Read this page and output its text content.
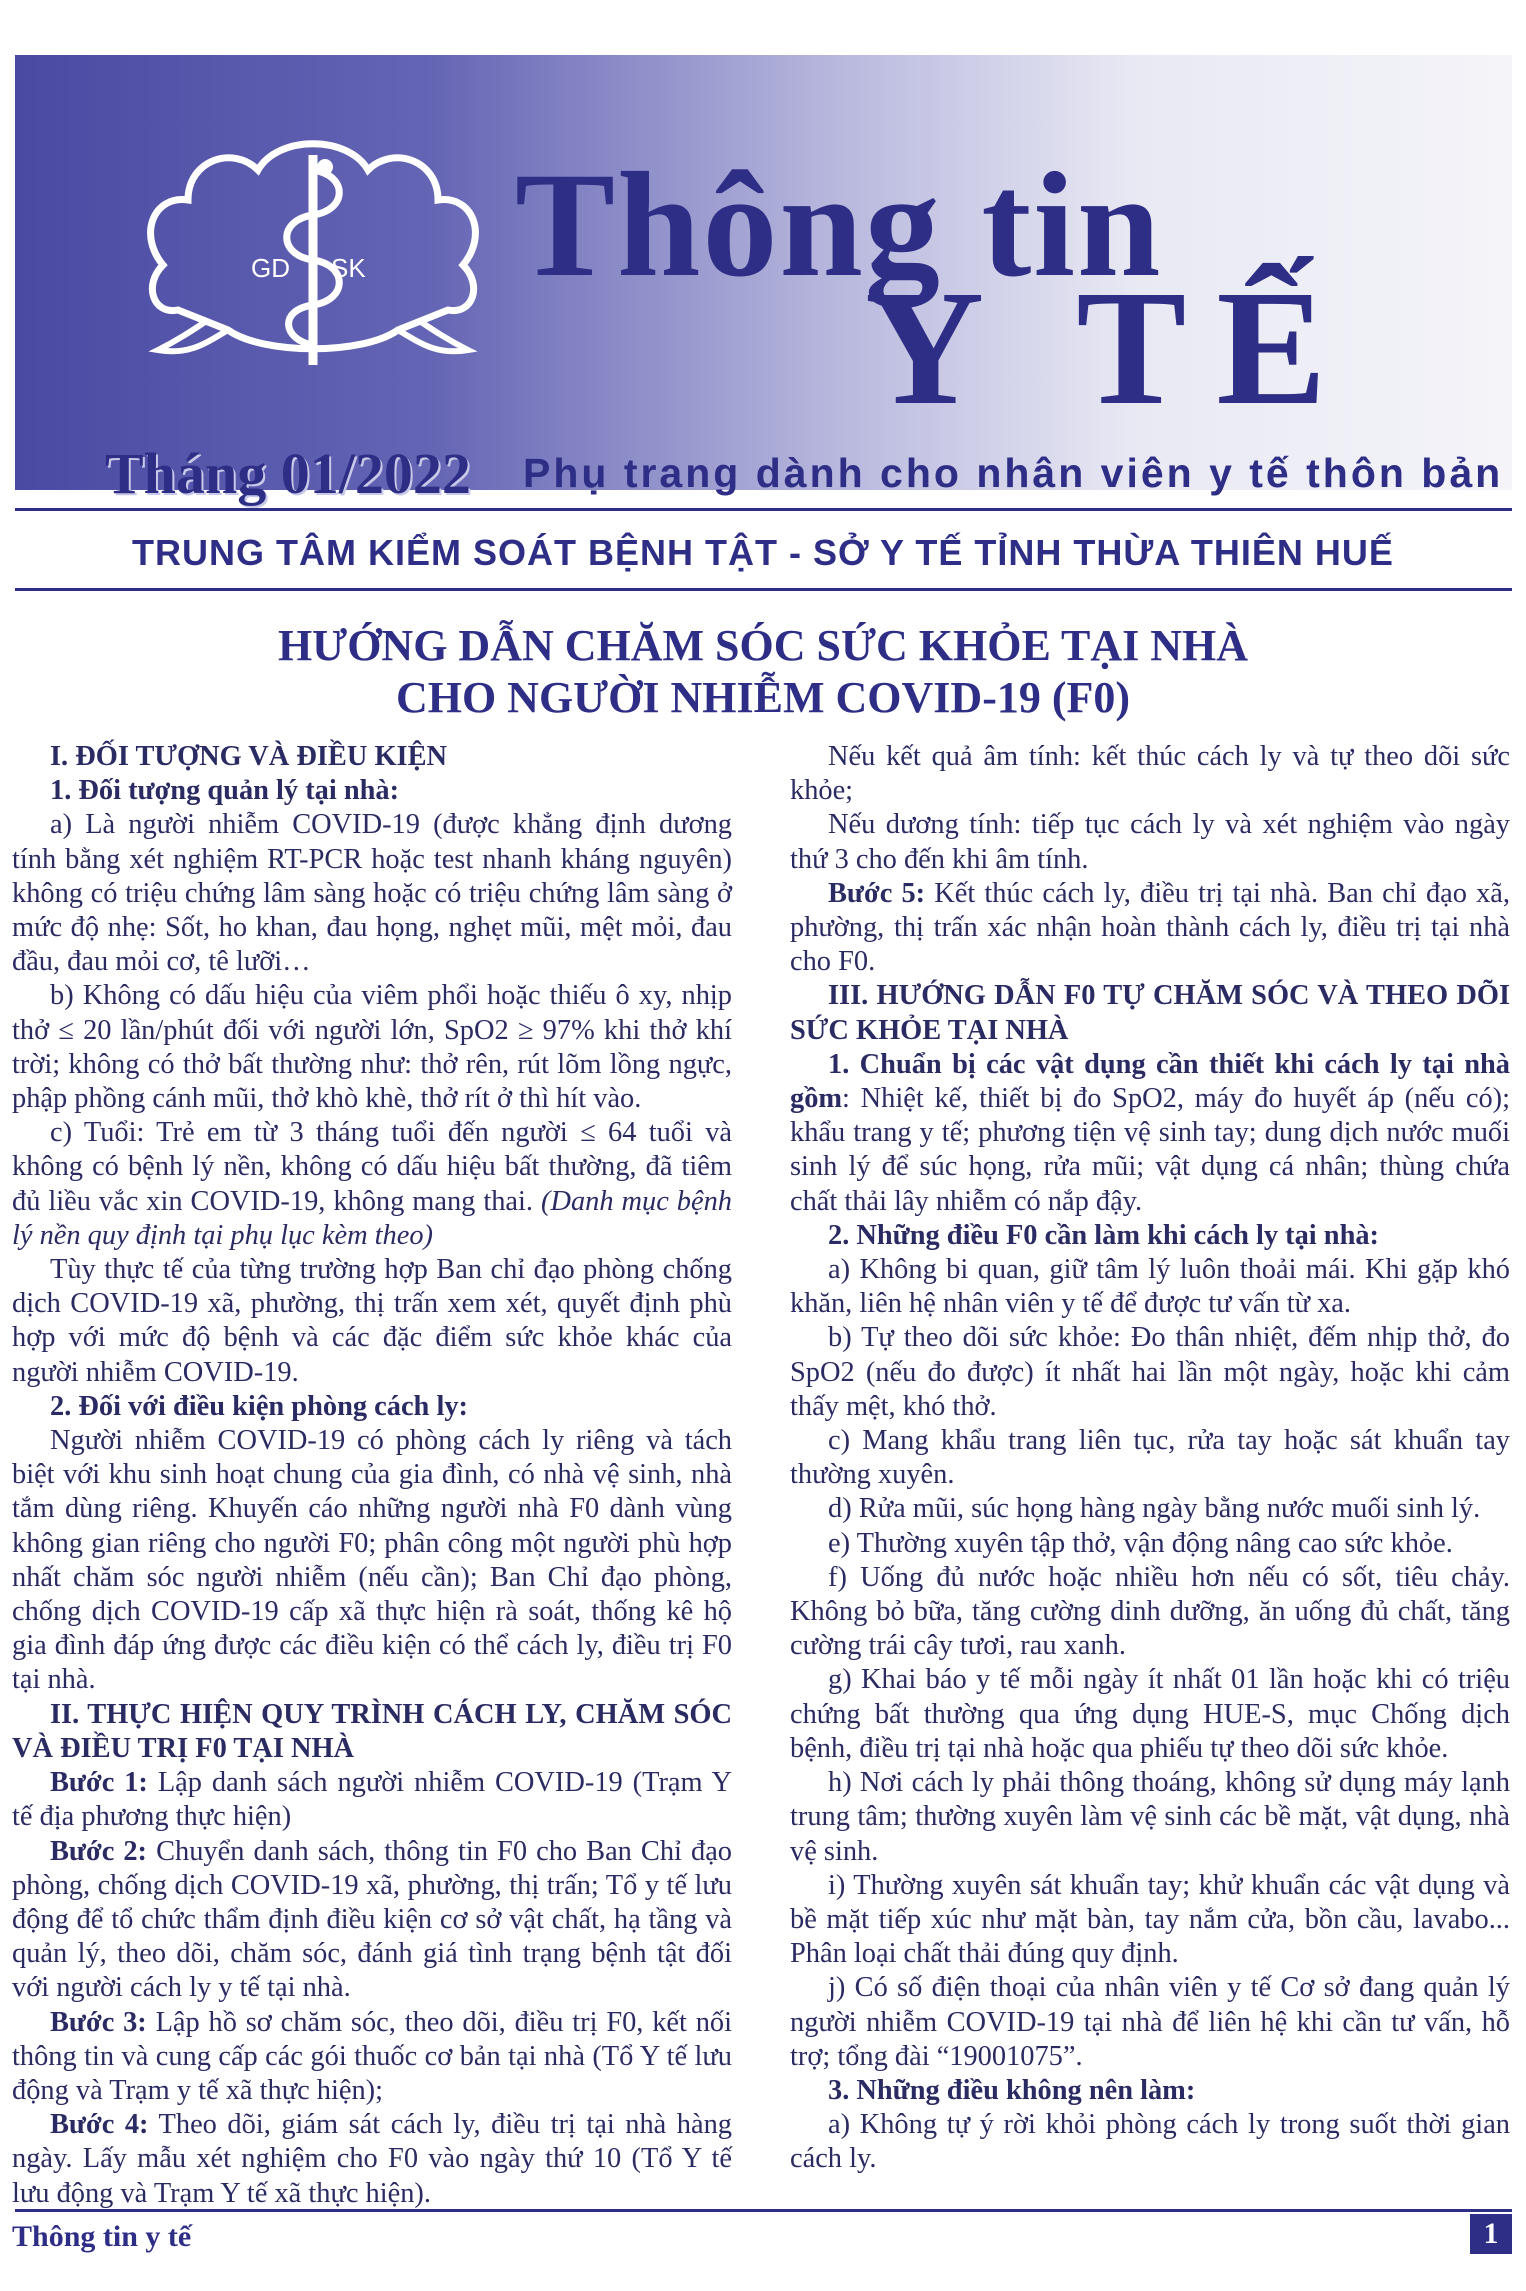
GD SK Thông tin
Y TẾ
Tháng 01/2022 Phụ trang dành cho nhân viên y tế thôn bản
TRUNG TÂM KIỂM SOÁT BỆNH TẬT - SỞ Y TẾ TỈNH THỪA THIÊN HUẾ
HƯỚNG DẪN CHĂM SÓC SỨC KHỎE TẠI NHÀ
CHO NGƯỜI NHIỄM COVID-19 (F0)

I. ĐỐI TƯỢNG VÀ ĐIỀU KIỆN

1. Đối tượng quản lý tại nhà:

a) Là người nhiễm COVID-19 (được khẳng định dương tính bằng xét nghiệm RT-PCR hoặc test nhanh kháng nguyên) không có triệu chứng lâm sàng hoặc có triệu chứng lâm sàng ở mức độ nhẹ: Sốt, ho khan, đau họng, nghẹt mũi, mệt mỏi, đau đầu, đau mỏi cơ, tê lưỡi…

b) Không có dấu hiệu của viêm phổi hoặc thiếu ô xy, nhịp thở ≤ 20 lần/phút đối với người lớn, SpO2 ≥ 97% khi thở khí trời; không có thở bất thường như: thở rên, rút lõm lồng ngực, phập phồng cánh mũi, thở khò khè, thở rít ở thì hít vào.

c) Tuổi: Trẻ em từ 3 tháng tuổi đến người ≤ 64 tuổi và không có bệnh lý nền, không có dấu hiệu bất thường, đã tiêm đủ liều vắc xin COVID-19, không mang thai. (Danh mục bệnh lý nền quy định tại phụ lục kèm theo)

Tùy thực tế của từng trường hợp Ban chỉ đạo phòng chống dịch COVID-19 xã, phường, thị trấn xem xét, quyết định phù hợp với mức độ bệnh và các đặc điểm sức khỏe khác của người nhiễm COVID-19.

2. Đối với điều kiện phòng cách ly:

Người nhiễm COVID-19 có phòng cách ly riêng và tách biệt với khu sinh hoạt chung của gia đình, có nhà vệ sinh, nhà tắm dùng riêng. Khuyến cáo những người nhà F0 dành vùng không gian riêng cho người F0; phân công một người phù hợp nhất chăm sóc người nhiễm (nếu cần); Ban Chỉ đạo phòng, chống dịch COVID-19 cấp xã thực hiện rà soát, thống kê hộ gia đình đáp ứng được các điều kiện có thể cách ly, điều trị F0 tại nhà.

II. THỰC HIỆN QUY TRÌNH CÁCH LY, CHĂM SÓC VÀ ĐIỀU TRỊ F0 TẠI NHÀ

Bước 1: Lập danh sách người nhiễm COVID-19 (Trạm Y tế địa phương thực hiện)

Bước 2: Chuyển danh sách, thông tin F0 cho Ban Chỉ đạo phòng, chống dịch COVID-19 xã, phường, thị trấn; Tổ y tế lưu động để tổ chức thẩm định điều kiện cơ sở vật chất, hạ tầng và quản lý, theo dõi, chăm sóc, đánh giá tình trạng bệnh tật đối với người cách ly y tế tại nhà.

Bước 3: Lập hồ sơ chăm sóc, theo dõi, điều trị F0, kết nối thông tin và cung cấp các gói thuốc cơ bản tại nhà (Tổ Y tế lưu động và Trạm y tế xã thực hiện);

Bước 4: Theo dõi, giám sát cách ly, điều trị tại nhà hàng ngày. Lấy mẫu xét nghiệm cho F0 vào ngày thứ 10 (Tổ Y tế lưu động và Trạm Y tế xã thực hiện).

Nếu kết quả âm tính: kết thúc cách ly và tự theo dõi sức khỏe;

Nếu dương tính: tiếp tục cách ly và xét nghiệm vào ngày thứ 3 cho đến khi âm tính.

Bước 5: Kết thúc cách ly, điều trị tại nhà. Ban chỉ đạo xã, phường, thị trấn xác nhận hoàn thành cách ly, điều trị tại nhà cho F0.

III. HƯỚNG DẪN F0 TỰ CHĂM SÓC VÀ THEO DÕI SỨC KHỎE TẠI NHÀ

1. Chuẩn bị các vật dụng cần thiết khi cách ly tại nhà gồm: Nhiệt kế, thiết bị đo SpO2, máy đo huyết áp (nếu có); khẩu trang y tế; phương tiện vệ sinh tay; dung dịch nước muối sinh lý để súc họng, rửa mũi; vật dụng cá nhân; thùng chứa chất thải lây nhiễm có nắp đậy.

2. Những điều F0 cần làm khi cách ly tại nhà:

a) Không bi quan, giữ tâm lý luôn thoải mái. Khi gặp khó khăn, liên hệ nhân viên y tế để được tư vấn từ xa.

b) Tự theo dõi sức khỏe: Đo thân nhiệt, đếm nhịp thở, đo SpO2 (nếu đo được) ít nhất hai lần một ngày, hoặc khi cảm thấy mệt, khó thở.

c) Mang khẩu trang liên tục, rửa tay hoặc sát khuẩn tay thường xuyên.

d) Rửa mũi, súc họng hàng ngày bằng nước muối sinh lý.

e) Thường xuyên tập thở, vận động nâng cao sức khỏe.

f) Uống đủ nước hoặc nhiều hơn nếu có sốt, tiêu chảy. Không bỏ bữa, tăng cường dinh dưỡng, ăn uống đủ chất, tăng cường trái cây tươi, rau xanh.

g) Khai báo y tế mỗi ngày ít nhất 01 lần hoặc khi có triệu chứng bất thường qua ứng dụng HUE-S, mục Chống dịch bệnh, điều trị tại nhà hoặc qua phiếu tự theo dõi sức khỏe.

h) Nơi cách ly phải thông thoáng, không sử dụng máy lạnh trung tâm; thường xuyên làm vệ sinh các bề mặt, vật dụng, nhà vệ sinh.

i) Thường xuyên sát khuẩn tay; khử khuẩn các vật dụng và bề mặt tiếp xúc như mặt bàn, tay nắm cửa, bồn cầu, lavabo... Phân loại chất thải đúng quy định.

j) Có số điện thoại của nhân viên y tế Cơ sở đang quản lý người nhiễm COVID-19 tại nhà để liên hệ khi cần tư vấn, hỗ trợ; tổng đài “19001075”.

3. Những điều không nên làm:

a) Không tự ý rời khỏi phòng cách ly trong suốt thời gian cách ly.

Thông tin y tế	1
